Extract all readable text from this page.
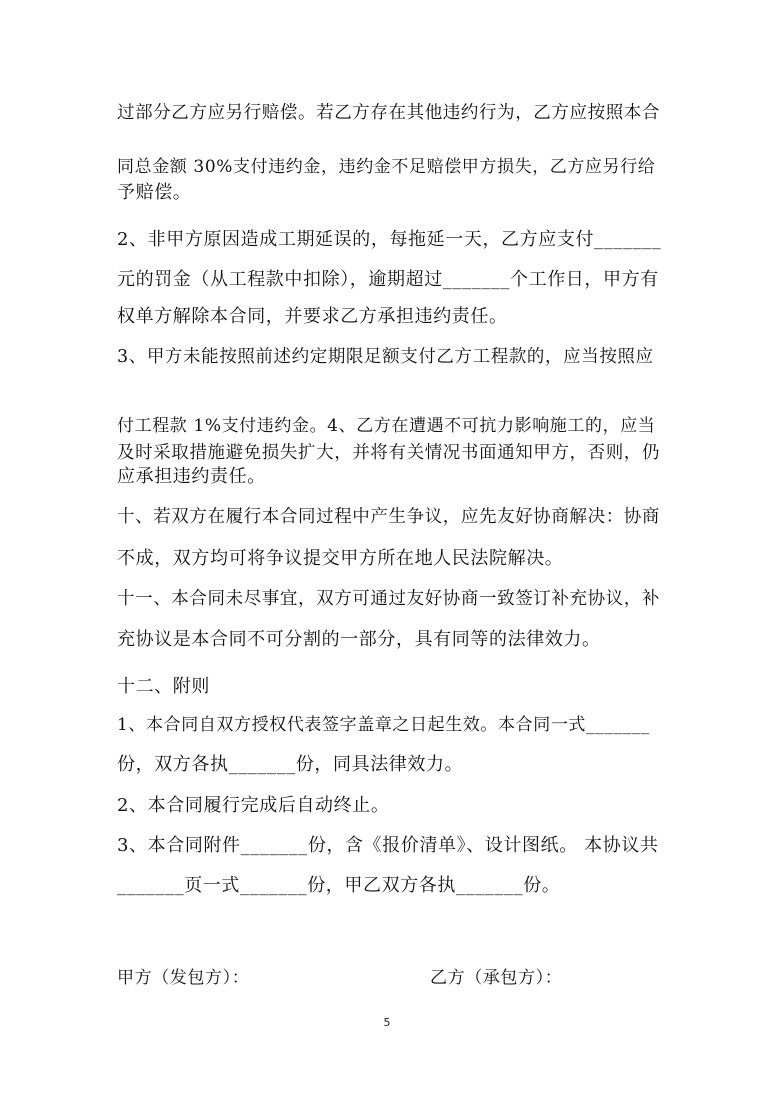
过部分乙方应另行赔偿。若乙方存在其他违约行为，乙方应按照本合
同总金额 30%支付违约金，违约金不足赔偿甲方损失，乙方应另行给
予赔偿。
2、非甲方原因造成工期延误的，每拖延一天，乙方应支付_______
元的罚金（从工程款中扣除），逾期超过_______个工作日，甲方有
权单方解除本合同，并要求乙方承担违约责任。
3、甲方未能按照前述约定期限足额支付乙方工程款的，应当按照应
付工程款 1%支付违约金。4、乙方在遭遇不可抗力影响施工的，应当
及时采取措施避免损失扩大，并将有关情况书面通知甲方，否则，仍
应承担违约责任。
十、若双方在履行本合同过程中产生争议，应先友好协商解决：协商
不成，双方均可将争议提交甲方所在地人民法院解决。
十一、本合同未尽事宜，双方可通过友好协商一致签订补充协议，补
充协议是本合同不可分割的一部分，具有同等的法律效力。
十二、附则
1、本合同自双方授权代表签字盖章之日起生效。本合同一式_______
份，双方各执_______份，同具法律效力。
2、本合同履行完成后自动终止。
3、本合同附件_______份，含《报价清单》、设计图纸。 本协议共
_______页一式_______份，甲乙双方各执_______份。
甲方（发包方）：	乙方（承包方）：
5
